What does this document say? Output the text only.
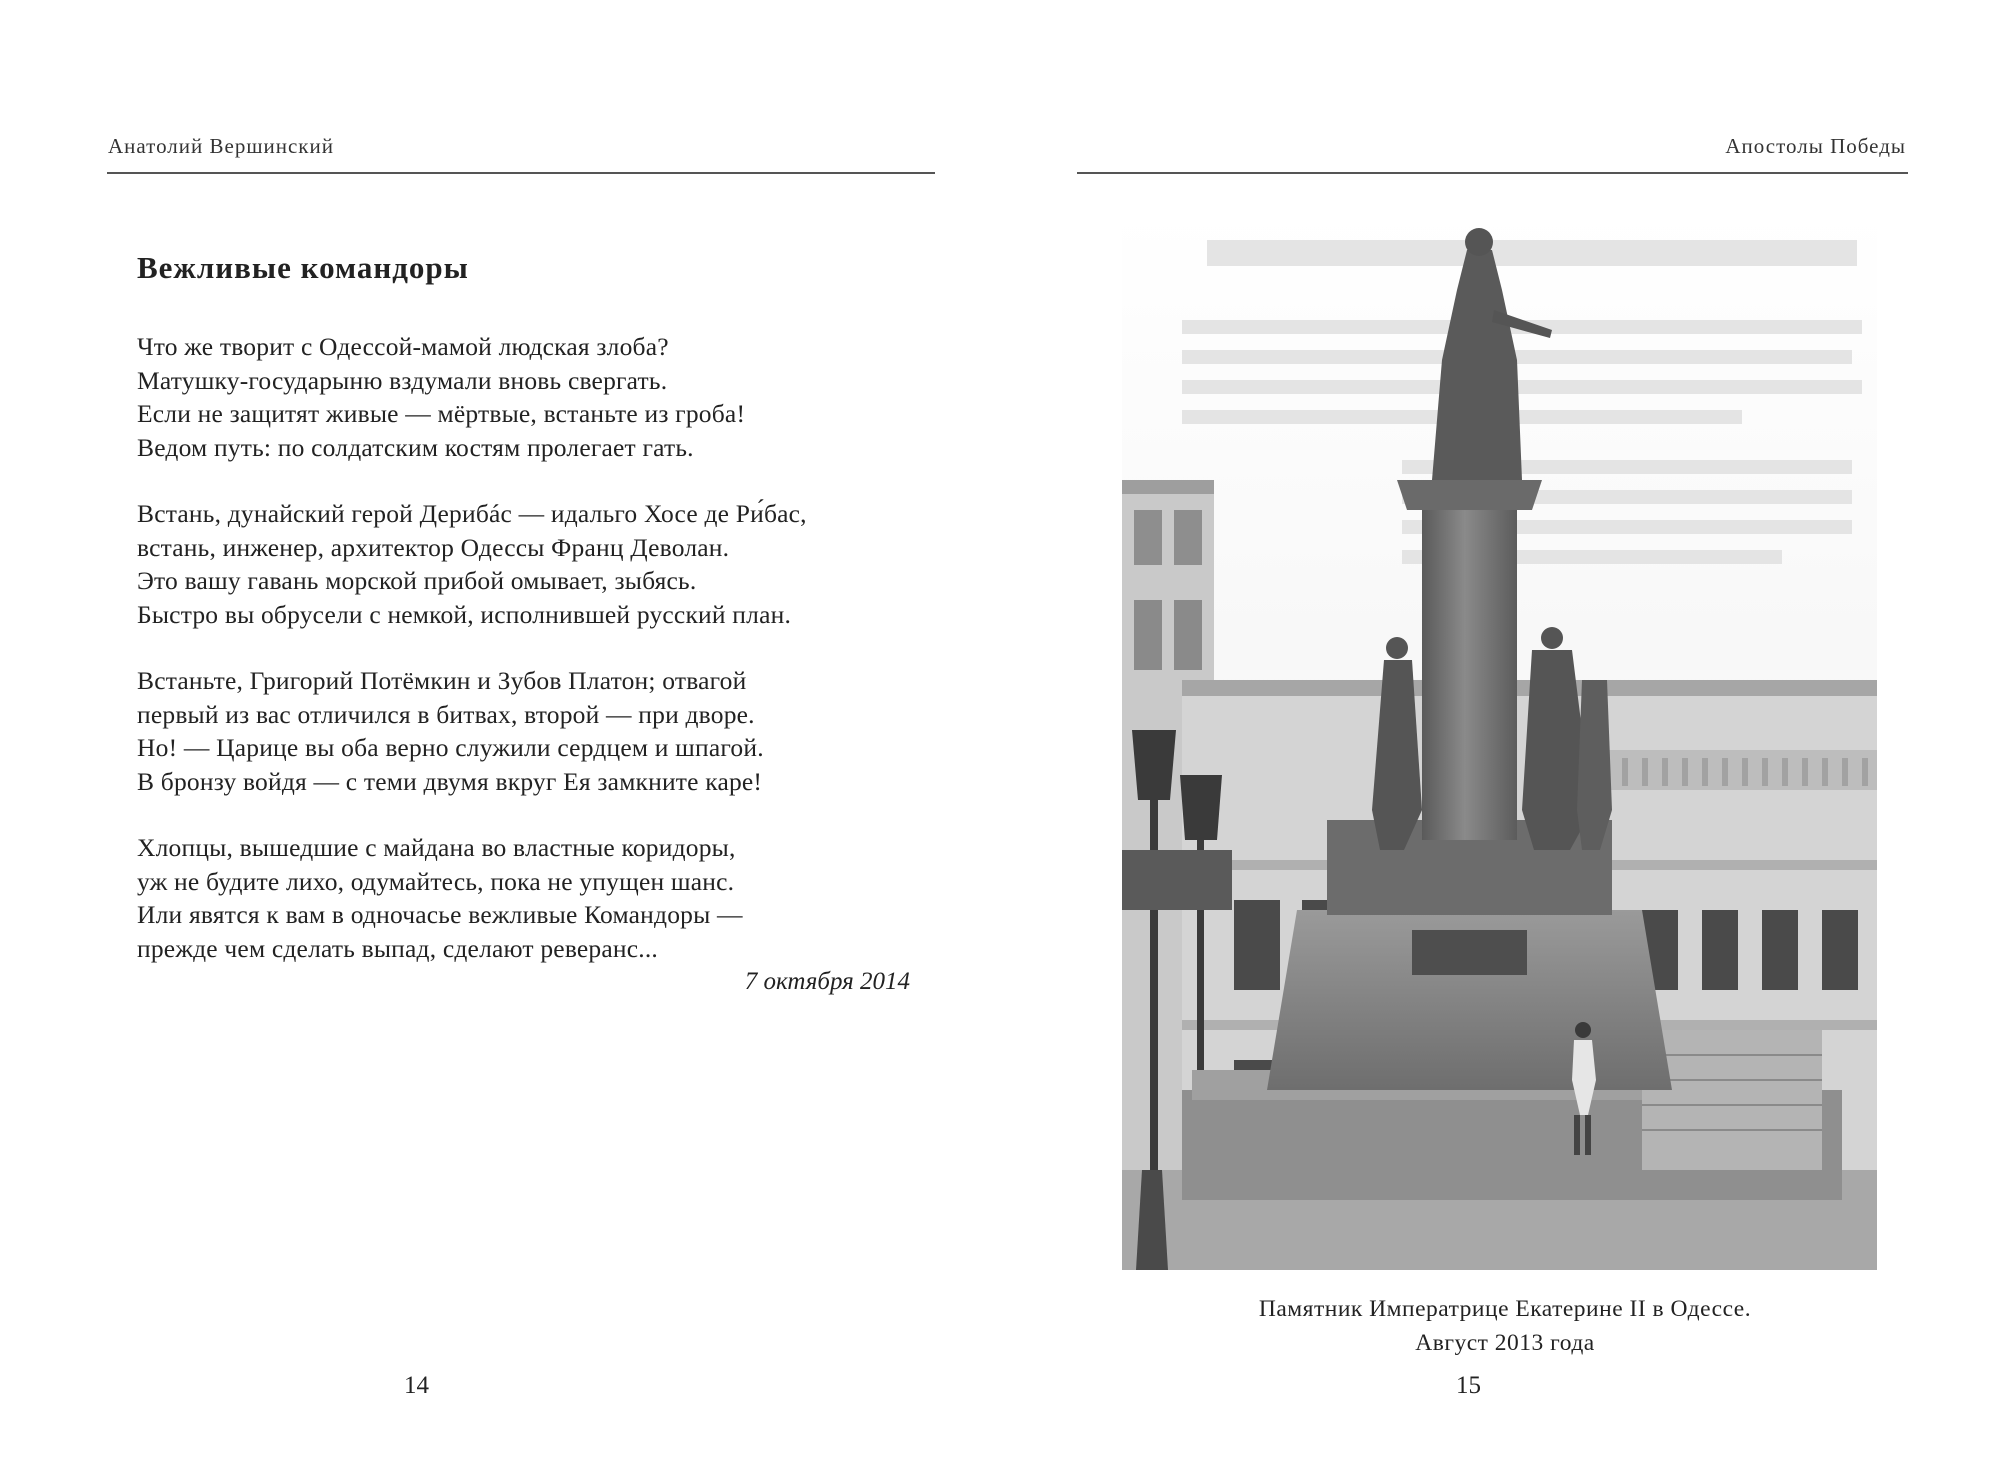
Анатолий Вершинский
Вежливые командоры
Что же творит с Одессой-мамой людская злоба?
Матушку-государыню вздумали вновь свергать.
Если не защитят живые — мёртвые, встаньте из гроба!
Ведом путь: по солдатским костям пролегает гать.
Встань, дунайский герой Дерибáс — идальго Хосе де Ри́бас,
встань, инженер, архитектор Одессы Франц Деволан.
Это вашу гавань морской прибой омывает, зыбясь.
Быстро вы обрусели с немкой, исполнившей русский план.
Встаньте, Григорий Потёмкин и Зубов Платон; отвагой
первый из вас отличился в битвах, второй — при дворе.
Но! — Царице вы оба верно служили сердцем и шпагой.
В бронзу войдя — с теми двумя вкруг Ея замкните каре!
Хлопцы, вышедшие с майдана во властные коридоры,
уж не будите лихо, одумайтесь, пока не упущен шанс.
Или явятся к вам в одночасье вежливые Командоры —
прежде чем сделать выпад, сделают реверанс...
7 октября 2014
14
Апостолы Победы
Памятник Императрице Екатерине II в Одессе.
Август 2013 года
15
